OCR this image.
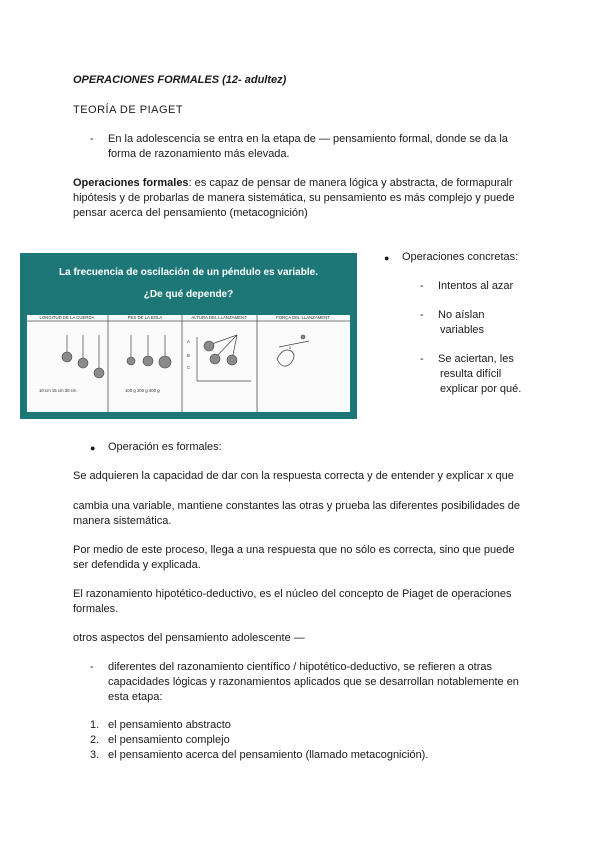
OPERACIONES FORMALES (12- adultez)
TEORÍA DE PIAGET
- En la adolescencia se entra en la etapa de — pensamiento formal, donde se da la
forma de razonamiento más elevada.
Operaciones formales: es capaz de pensar de manera lógica y abstracta, de formapuralr
hipótesis y de probarlas de manera sistemática, su pensamiento es más complejo y puede
pensar acerca del pensamiento (metacognición)
La frecuencia de oscilación de un péndulo es variable.
¿De qué depende?
LONGITUD DE LA CUERDA	PES DE LA BOLA	ALTURA DEL LLANZAMENT	FORÇA DEL LLANZAMENT
10 cm 15 cm 30 cm	100 g 200 g 400 g
A
B
C
x
● Operaciones concretas:
- Intentos al azar
- No aíslan
variables
- Se aciertan, les
resulta difícil
explicar por qué.
● Operación es formales:
Se adquieren la capacidad de dar con la respuesta correcta y de entender y explicar x que
cambia una variable, mantiene constantes las otras y prueba las diferentes posibilidades de
manera sistemática.
Por medio de este proceso, llega a una respuesta que no sólo es correcta, sino que puede
ser defendida y explicada.
El razonamiento hipotético-deductivo, es el núcleo del concepto de Piaget de operaciones
formales.
otros aspectos del pensamiento adolescente —
- diferentes del razonamiento científico / hipotético-deductivo, se refieren a otras
capacidades lógicas y razonamientos aplicados que se desarrollan notablemente en
esta etapa:
1. el pensamiento abstracto
2. el pensamiento complejo
3. el pensamiento acerca del pensamiento (llamado metacognición).
